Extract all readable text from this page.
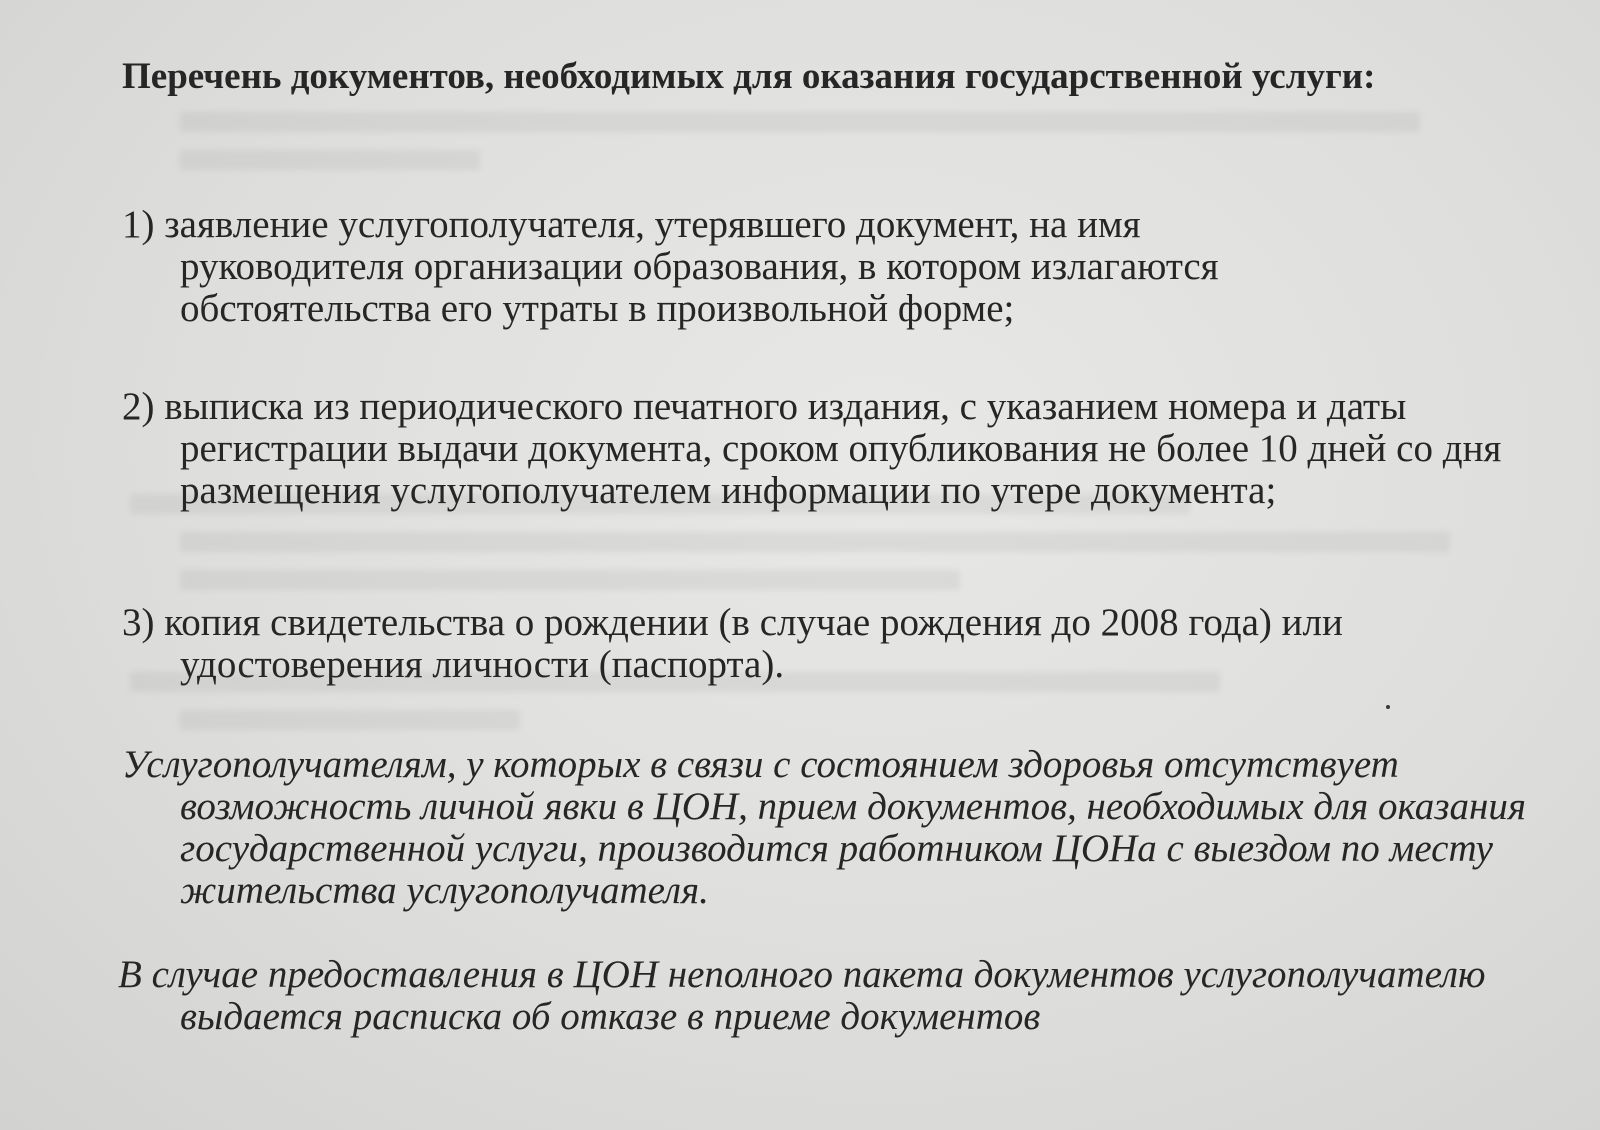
Перечень документов, необходимых для оказания государственной услуги:

1) заявление услугополучателя, утерявшего документ, на имя руководителя организации образования, в котором излагаются обстоятельства его утраты в произвольной форме;

2) выписка из периодического печатного издания, с указанием номера и даты регистрации выдачи документа, сроком опубликования не более 10 дней со дня размещения услугополучателем информации по утере документа;

3) копия свидетельства о рождении (в случае рождения до 2008 года) или удостоверения личности (паспорта).

Услугополучателям, у которых в связи с состоянием здоровья отсутствует возможность личной явки в ЦОН, прием документов, необходимых для оказания государственной услуги, производится работником ЦОНа с выездом по месту жительства услугополучателя.

В случае предоставления в ЦОН неполного пакета документов услугополучателю выдается расписка об отказе в приеме документов
